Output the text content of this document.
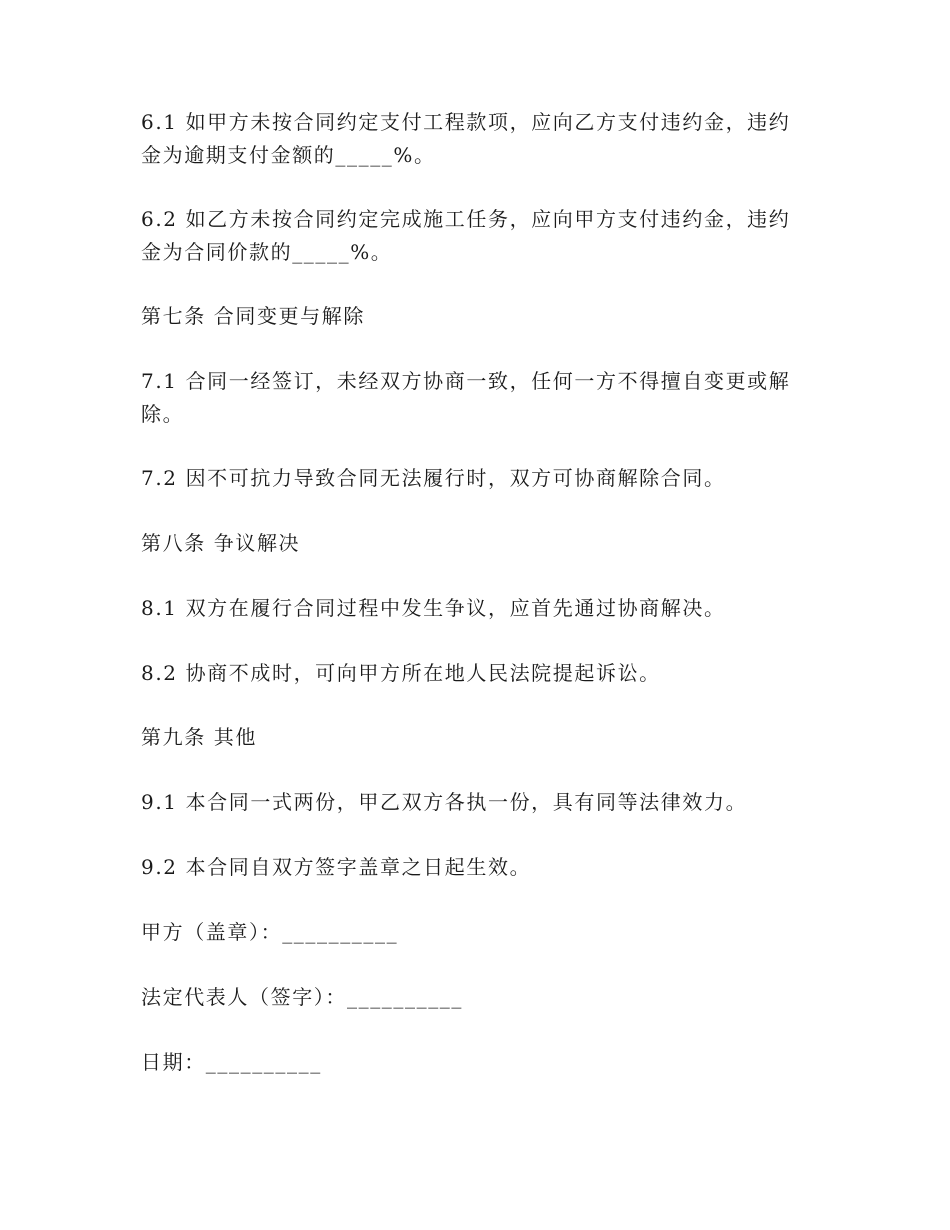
6.1 如甲方未按合同约定支付工程款项，应向乙方支付违约金，违约金为逾期支付金额的_____%。

6.2 如乙方未按合同约定完成施工任务，应向甲方支付违约金，违约金为合同价款的_____%。

第七条 合同变更与解除

7.1 合同一经签订，未经双方协商一致，任何一方不得擅自变更或解除。

7.2 因不可抗力导致合同无法履行时，双方可协商解除合同。

第八条 争议解决

8.1 双方在履行合同过程中发生争议，应首先通过协商解决。

8.2 协商不成时，可向甲方所在地人民法院提起诉讼。

第九条 其他

9.1 本合同一式两份，甲乙双方各执一份，具有同等法律效力。

9.2 本合同自双方签字盖章之日起生效。

甲方（盖章）：__________

法定代表人（签字）：__________

日期：__________
